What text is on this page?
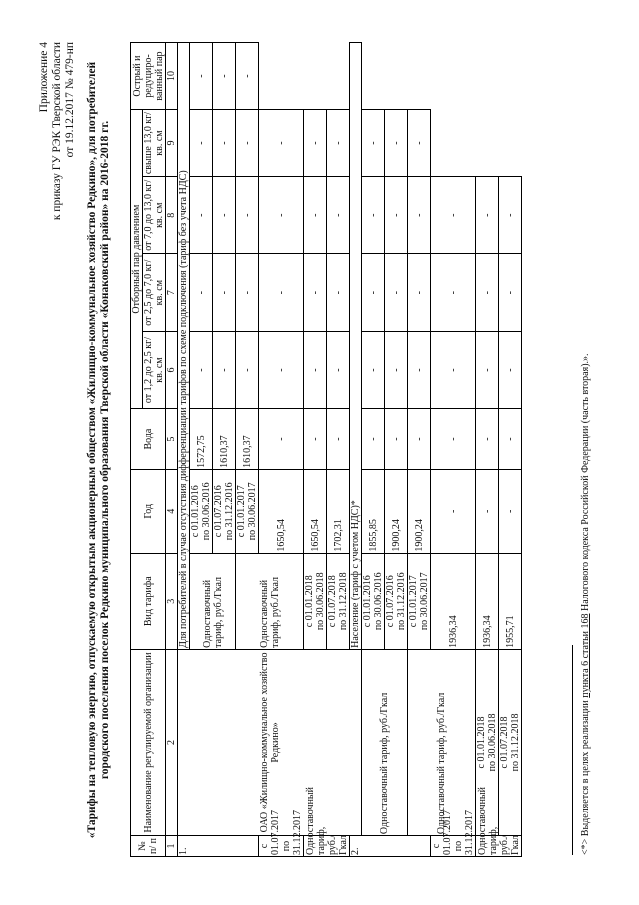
Приложение 4 к приказу ГУ РЭК Тверской области от 19.12.2017 № 479-нп «Тарифы на тепловую энергию, отпускаемую открытым акционерным обществом «Жилищно-коммунальное хозяйство Редкино», для потребителей городского поселения поселок Редкино муниципального образования Тверской области «Конаковский район» на 2016-2018 гг.
№ п/ п	Наименование регулируемой организации	Вид тарифа	Год	Вода	Отборный пар давлением				Острый и редуциро- ванный пар
					от 1,2 до 2,5 кг/кв. см	от 2,5 до 7,0 кг/кв. см	от 7,0 до 13,0 кг/кв. см	свыше 13,0 кг/кв. см	
1	2	3	4	5	6	7	8	9	10
1.	ОАО «Жилищно-коммунальное хозяйство Редкино»	Для потребителей в случае отсутствия дифференциации тарифов по схеме подключения (тариф без учета НДС)							
		Одноставочный тариф, руб./Гкал	с 01.01.2016 по 30.06.2016	1572,75	-	-	-	-	-

			с 01.07.2016 по 31.12.2016	1610,37	-	-	-	-	-

		Одноставочный тариф, руб./Гкал	с 01.01.2017 по 30.06.2017	1610,37	-	-	-	-	-

с 01.07.2017 по 31.12.2017			1650,54	-	-	-	-	-	

Одноставочный тариф, руб./Гкал		с 01.01.2018 по 30.06.2018	1650,54	-	-	-	-	-	

		с 01.07.2018 по 31.12.2018	1702,31	-	-	-	-	-	

2.		Население (тариф с учетом НДС)*							
	Одноставочный тариф, руб./Гкал	с 01.01.2016 по 30.06.2016	1855,85	-	-	-	-	-	

		с 01.07.2016 по 31.12.2016	1900,24	-	-	-	-	-	

	Одноставочный тариф, руб./Гкал	с 01.01.2017 по 30.06.2017	1900,24	-	-	-	-	-	

с 01.07.2017 по 31.12.2017		1936,34	-	-	-	-	-		

Одноставочный тариф, руб./Гкал	с 01.01.2018 по 30.06.2018	1936,34	-	-	-	-	-		

	с 01.07.2018 по 31.12.2018	1955,71	-	-	-	-	-		

<*> Выделяется в целях реализации пункта 6 статьи 168 Налогового кодекса Российской Федерации (часть вторая).».
